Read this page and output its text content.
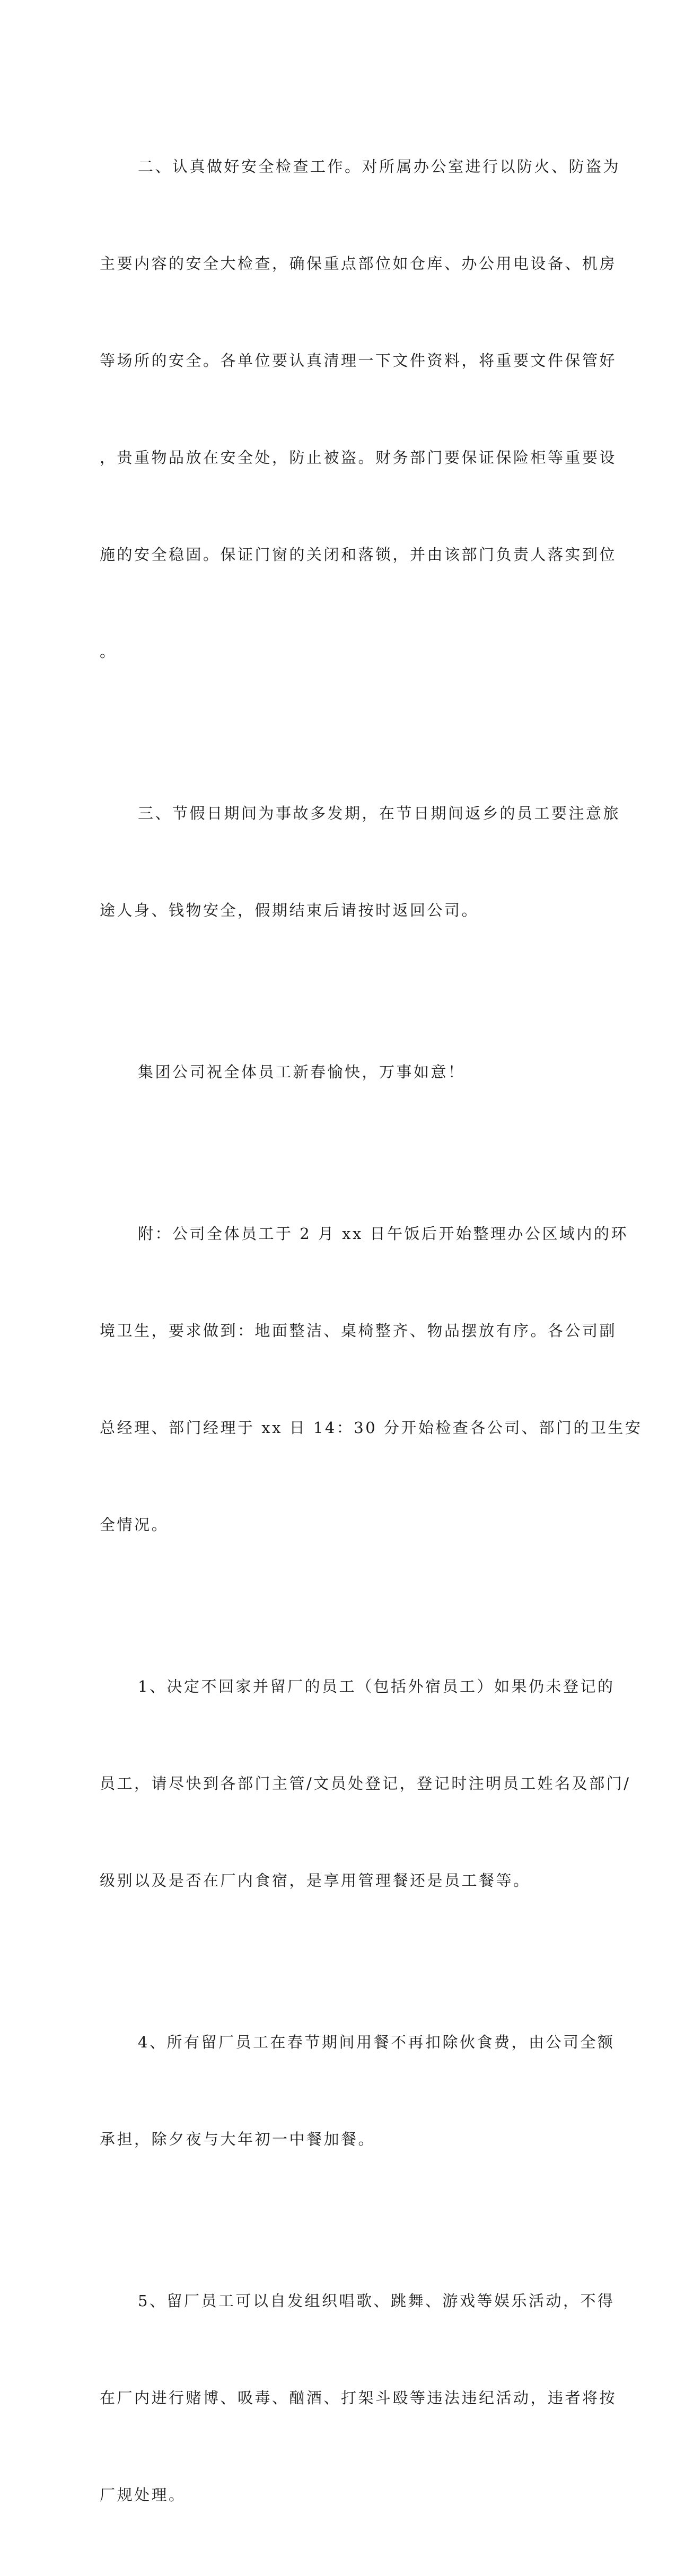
二、认真做好安全检查工作。对所属办公室进行以防火、防盗为

主要内容的安全大检查，确保重点部位如仓库、办公用电设备、机房

等场所的安全。各单位要认真清理一下文件资料，将重要文件保管好

，贵重物品放在安全处，防止被盗。财务部门要保证保险柜等重要设

施的安全稳固。保证门窗的关闭和落锁，并由该部门负责人落实到位

。

三、节假日期间为事故多发期，在节日期间返乡的员工要注意旅

途人身、钱物安全，假期结束后请按时返回公司。

集团公司祝全体员工新春愉快，万事如意！

附：公司全体员工于 2 月 xx 日午饭后开始整理办公区域内的环

境卫生，要求做到：地面整洁、桌椅整齐、物品摆放有序。各公司副

总经理、部门经理于 xx 日 14：30 分开始检查各公司、部门的卫生安

全情况。

1、决定不回家并留厂的员工（包括外宿员工）如果仍未登记的

员工，请尽快到各部门主管/文员处登记，登记时注明员工姓名及部门/

级别以及是否在厂内食宿，是享用管理餐还是员工餐等。

4、所有留厂员工在春节期间用餐不再扣除伙食费，由公司全额

承担，除夕夜与大年初一中餐加餐。

5、留厂员工可以自发组织唱歌、跳舞、游戏等娱乐活动，不得

在厂内进行赌博、吸毒、酗酒、打架斗殴等违法违纪活动，违者将按

厂规处理。
